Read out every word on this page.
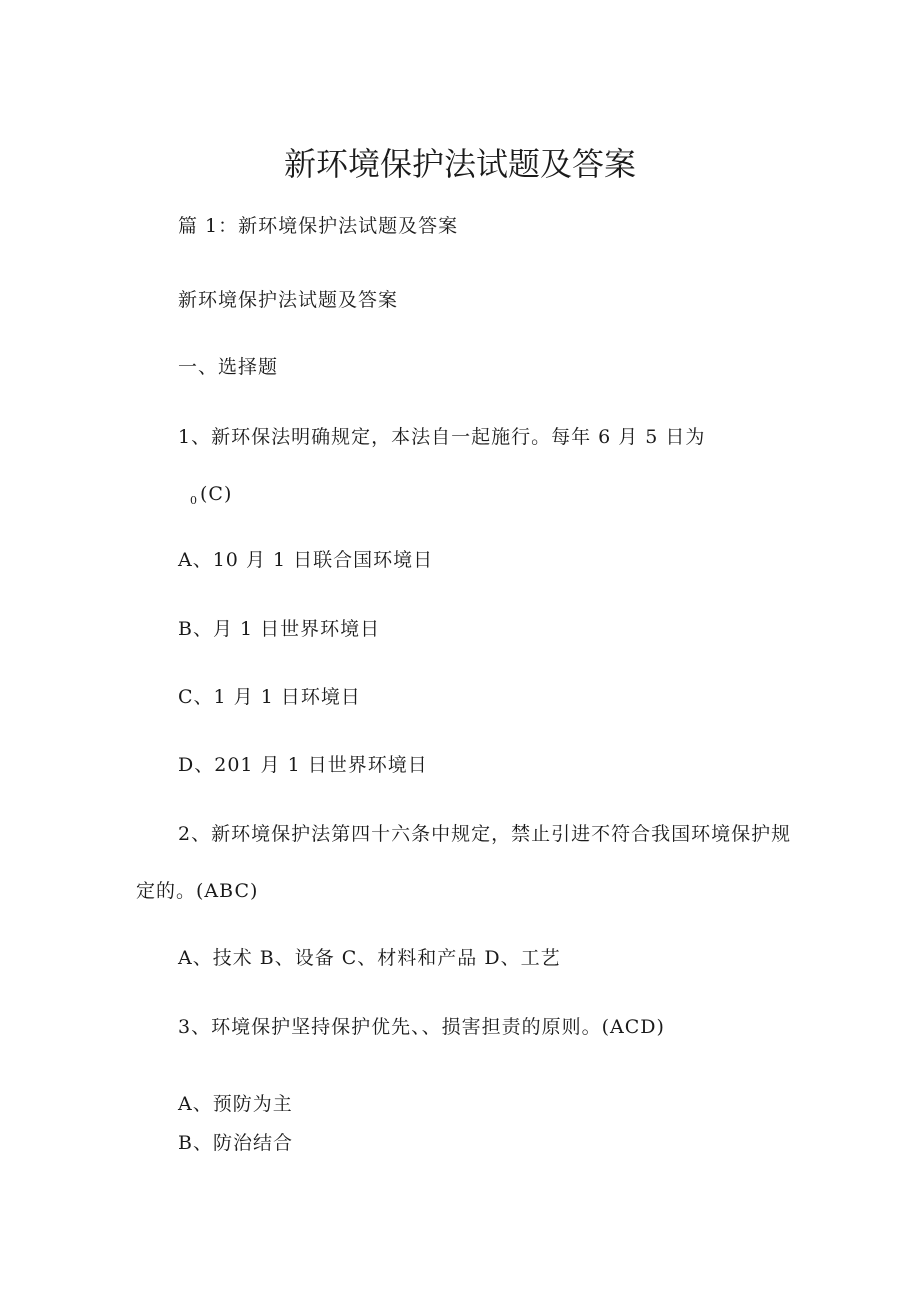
新环境保护法试题及答案
篇 1：新环境保护法试题及答案
新环境保护法试题及答案
一、选择题
1、新环保法明确规定，本法自一起施行。每年 6 月 5 日为
$_0$ (C)
A、10 月 1 日联合国环境日
B、月 1 日世界环境日
C、1 月 1 日环境日
D、201 月 1 日世界环境日
2、新环境保护法第四十六条中规定，禁止引进不符合我国环境保护规
定的。(ABC)
A、技术 B、设备 C、材料和产品 D、工艺
3、环境保护坚持保护优先、、损害担责的原则。(ACD)
A、预防为主
B、防治结合
